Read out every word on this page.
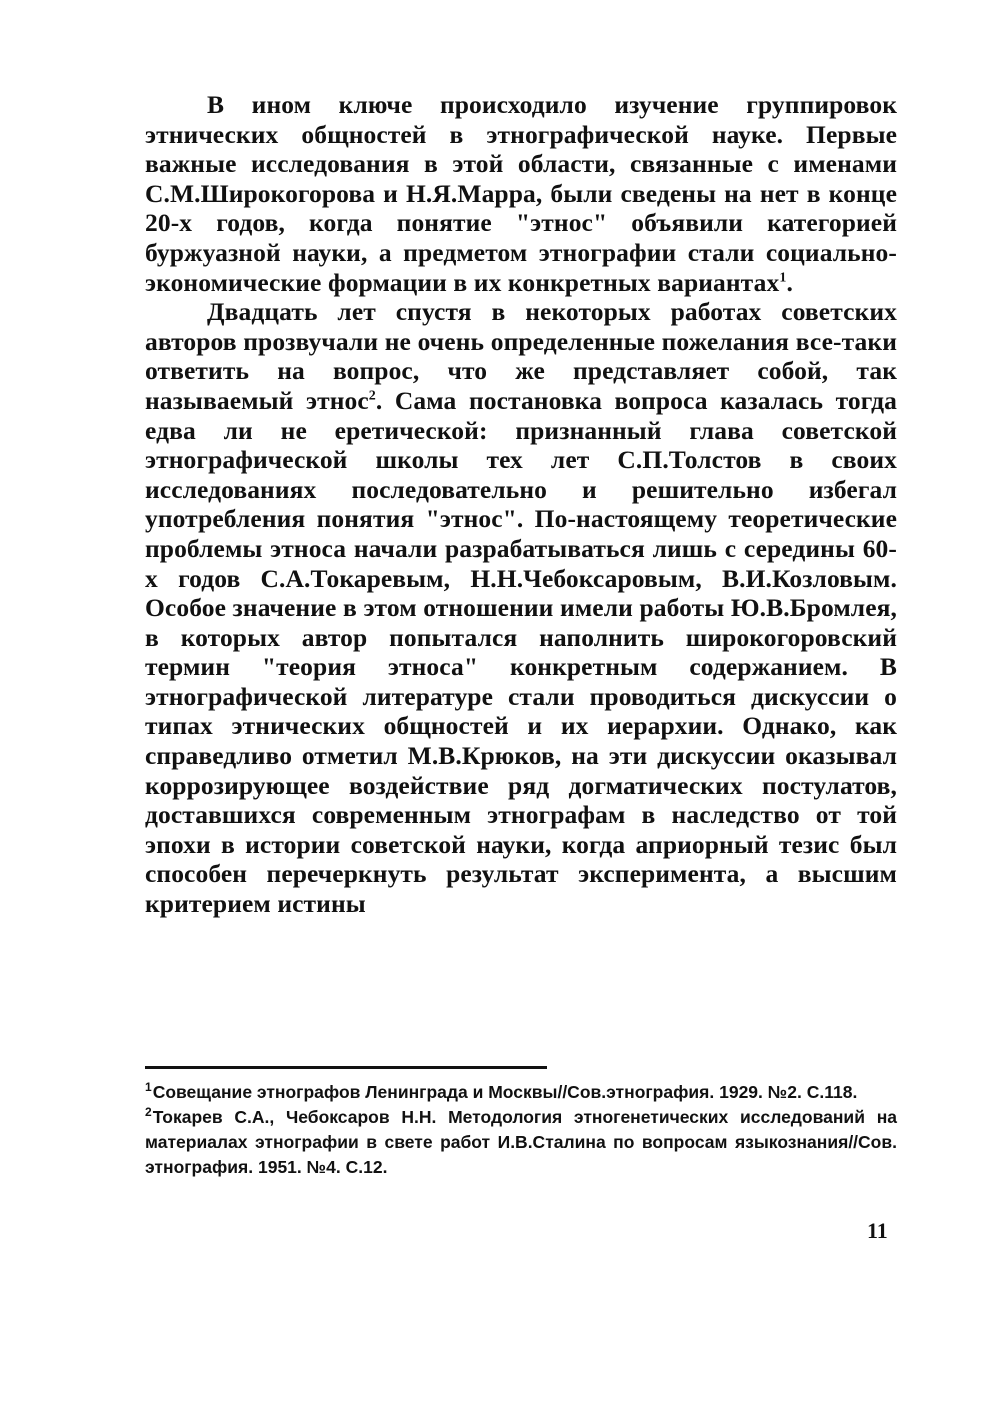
В ином ключе происходило изучение группировок этнических общностей в этнографической науке. Первые важные исследования в этой области, связанные с именами С.М.Широкогорова и Н.Я.Марра, были сведены на нет в конце 20-х годов, когда понятие "этнос" объявили категорией буржуазной науки, а предметом этнографии стали социально-экономические формации в их конкретных вариантах$^1$.

Двадцать лет спустя в некоторых работах советских авторов прозвучали не очень определенные пожелания все-таки ответить на вопрос, что же представляет собой, так называемый этнос$^2$. Сама постановка вопроса казалась тогда едва ли не еретической: признанный глава советской этнографической школы тех лет С.П.Толстов в своих исследованиях последовательно и решительно избегал употребления понятия "этнос". По-настоящему теоретические проблемы этноса начали разрабатываться лишь с середины 60-х годов С.А.Токаревым, Н.Н.Чебоксаровым, В.И.Козловым. Особое значение в этом отношении имели работы Ю.В.Бромлея, в которых автор попытался наполнить широкогоровский термин "теория этноса" конкретным содержанием. В этнографической литературе стали проводиться дискуссии о типах этнических общностей и их иерархии. Однако, как справедливо отметил М.В.Крюков, на эти дискуссии оказывал коррозирующее воздействие ряд догматических постулатов, доставшихся современным этнографам в наследство от той эпохи в истории советской науки, когда априорный тезис был способен перечеркнуть результат эксперимента, а высшим критерием истины

$^1$Совещание этнографов Ленинграда и Москвы//Сов.этнография. 1929. №2. С.118.

$^2$Токарев С.А., Чебоксаров Н.Н. Методология этногенетических исследований на материалах этнографии в свете работ И.В.Сталина по вопросам языкознания//Сов. этнография. 1951. №4. С.12.

11
